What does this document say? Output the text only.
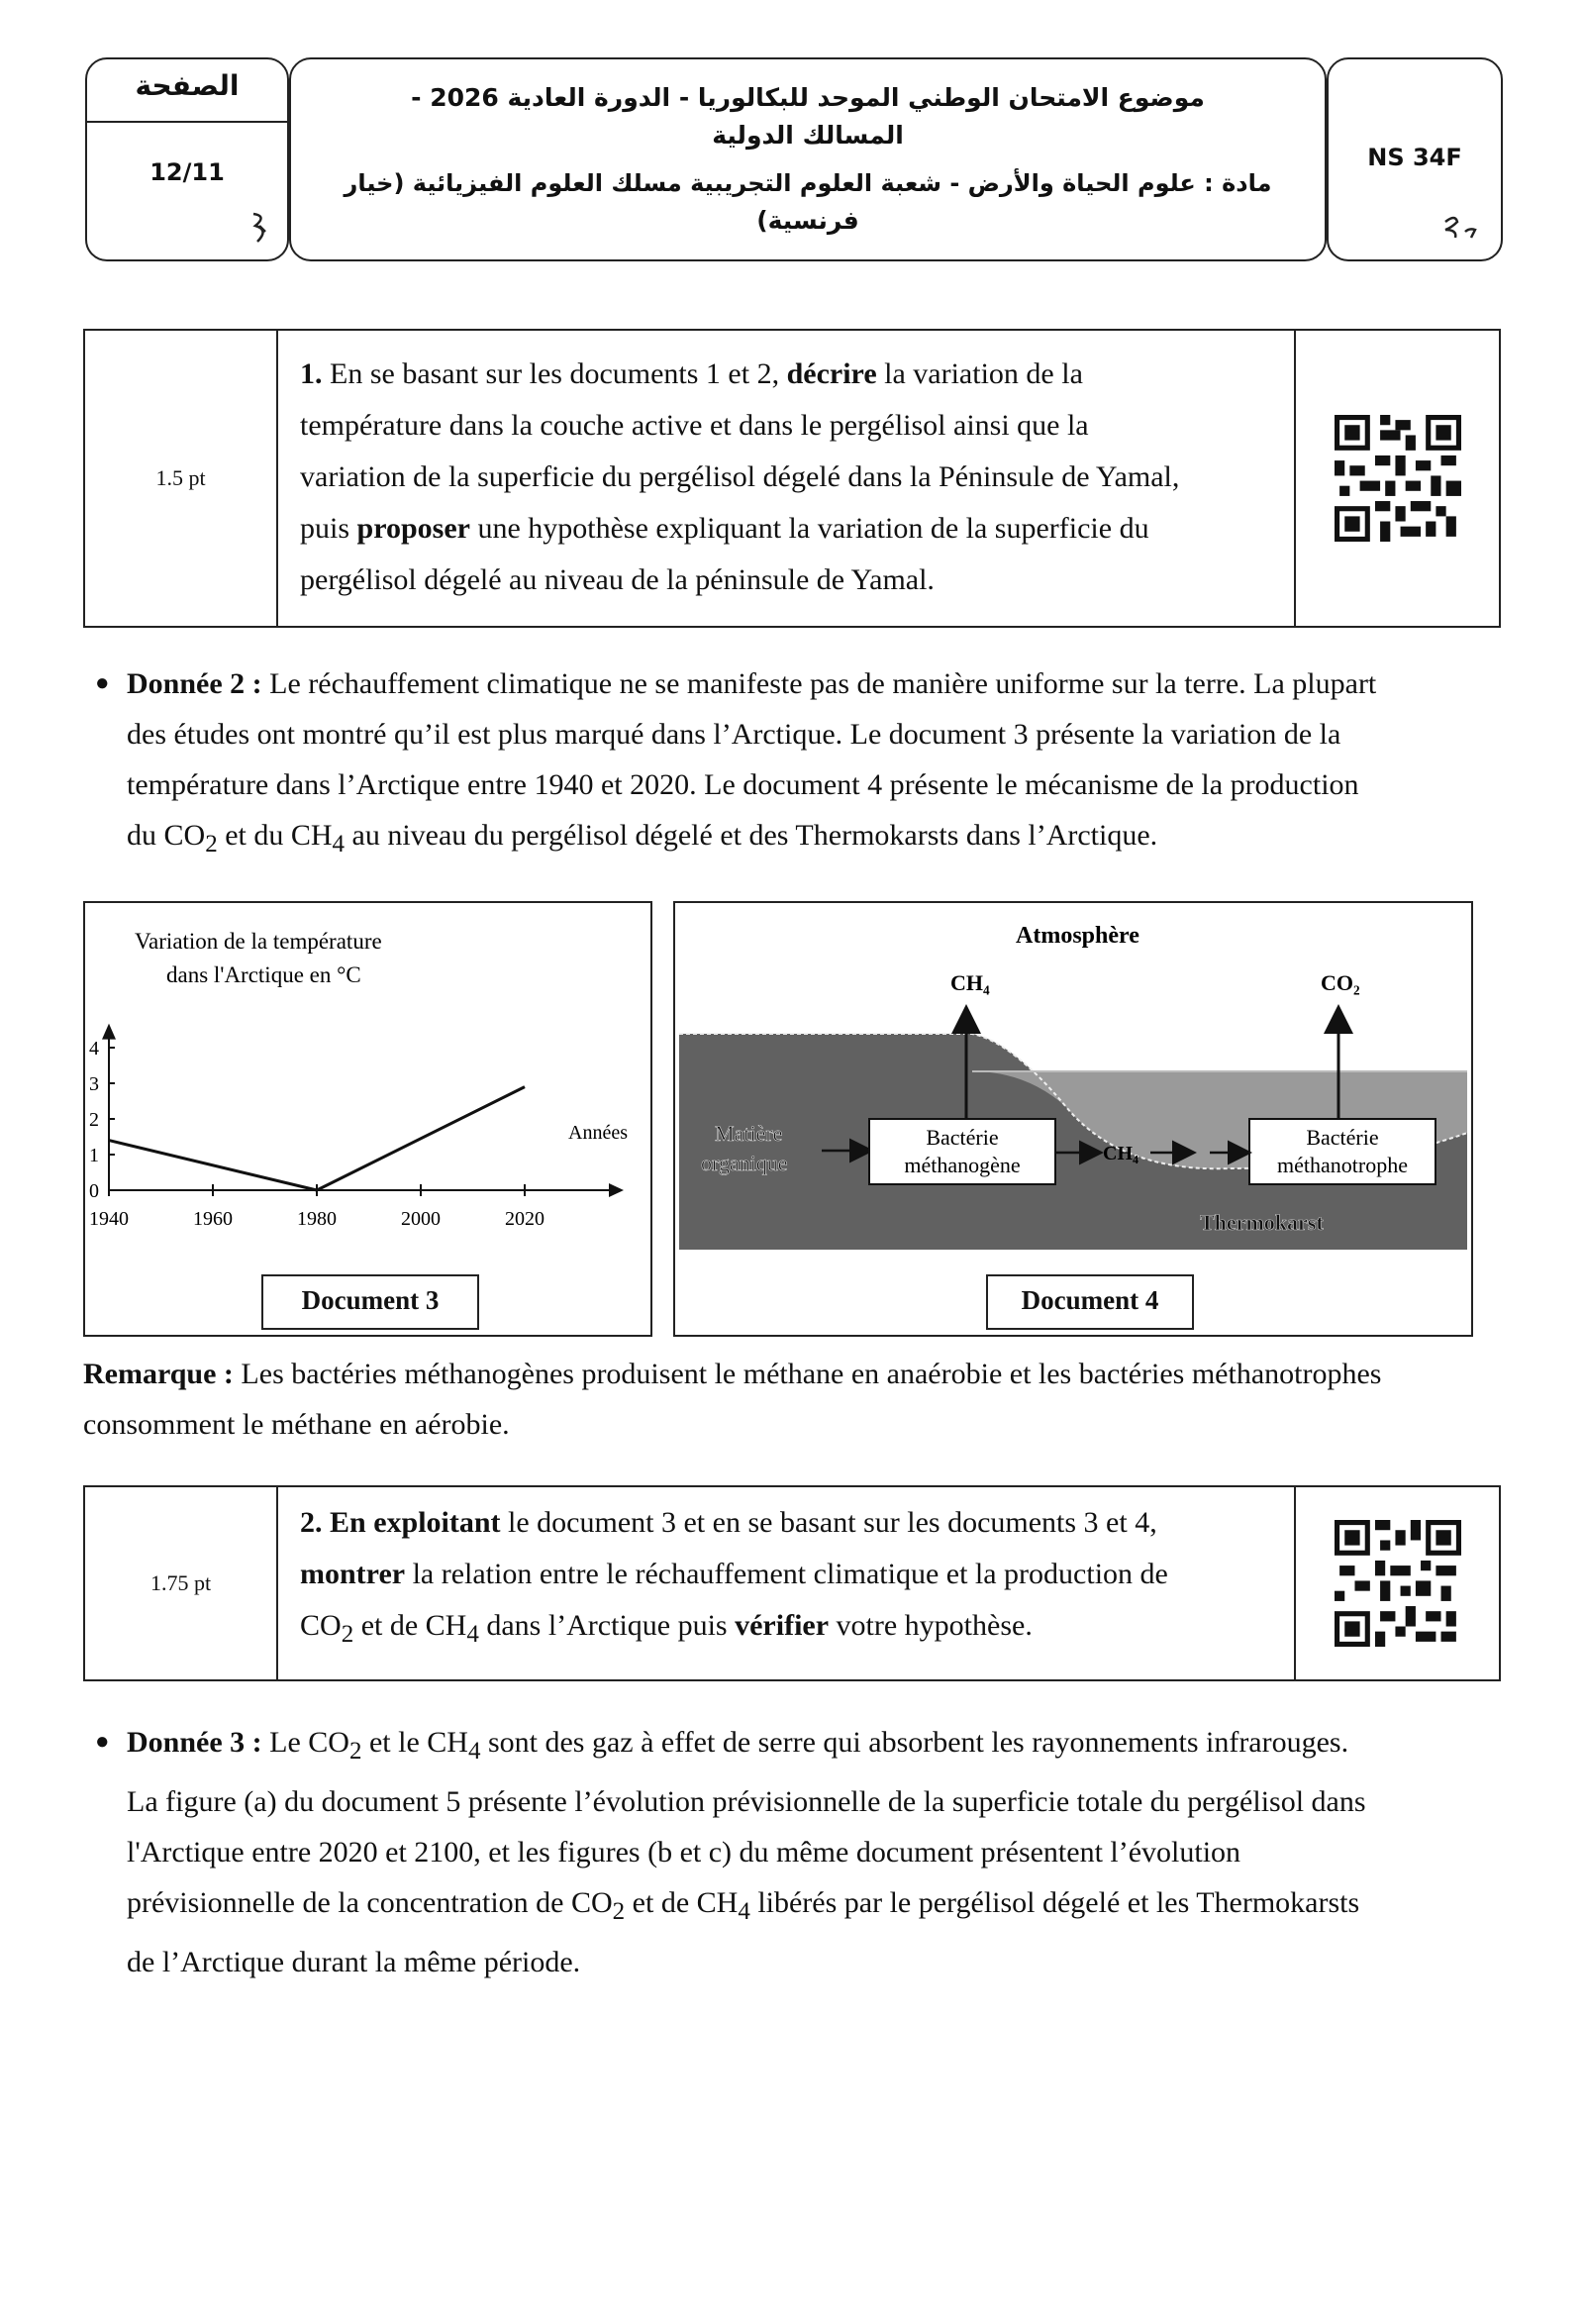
الصفحة
12/11
موضوع الامتحان الوطني الموحد للبكالوريا - الدورة العادية 2026 -
المسالك الدولية
مادة : علوم الحياة والأرض - شعبة العلوم التجريبية مسلك العلوم الفيزيائية (خيار
فرنسية)
NS 34F
1.5 pt
1. En se basant sur les documents 1 et 2, décrire la variation de la
température dans la couche active et dans le pergélisol ainsi que la
variation de la superficie du pergélisol dégelé dans la Péninsule de Yamal,
puis proposer une hypothèse expliquant la variation de la superficie du
pergélisol dégelé au niveau de la péninsule de Yamal.
● Donnée 2 : Le réchauffement climatique ne se manifeste pas de manière uniforme sur la terre. La plupart
des études ont montré qu’il est plus marqué dans l’Arctique. Le document 3 présente la variation de la
température dans l’Arctique entre 1940 et 2020. Le document 4 présente le mécanisme de la production
du $CO_2$ et du $CH_4$ au niveau du pergélisol dégelé et des Thermokarsts dans l’Arctique.
Variation de la température
dans l'Arctique en °C
Années
1940	1960	1980	2000	2020
0
1
2
3
4
Document 3
Atmosphère
CH₄	CO₂
Matière
organique
Bactérie
méthanogène	CH₄
Bactérie
méthanotrophe
Thermokarst
Document 4
Remarque : Les bactéries méthanogènes produisent le méthane en anaérobie et les bactéries méthanotrophes
consomment le méthane en aérobie.
1.75 pt
2. En exploitant le document 3 et en se basant sur les documents 3 et 4,
montrer la relation entre le réchauffement climatique et la production de
$CO_2$ et de $CH_4$ dans l’Arctique puis vérifier votre hypothèse.
● Donnée 3 : Le $CO_2$ et le $CH_4$ sont des gaz à effet de serre qui absorbent les rayonnements infrarouges.
La figure (a) du document 5 présente l’évolution prévisionnelle de la superficie totale du pergélisol dans
l'Arctique entre 2020 et 2100, et les figures (b et c) du même document présentent l’évolution
prévisionnelle de la concentration de $CO_2$ et de $CH_4$ libérés par le pergélisol dégelé et les Thermokarsts
de l’Arctique durant la même période.
